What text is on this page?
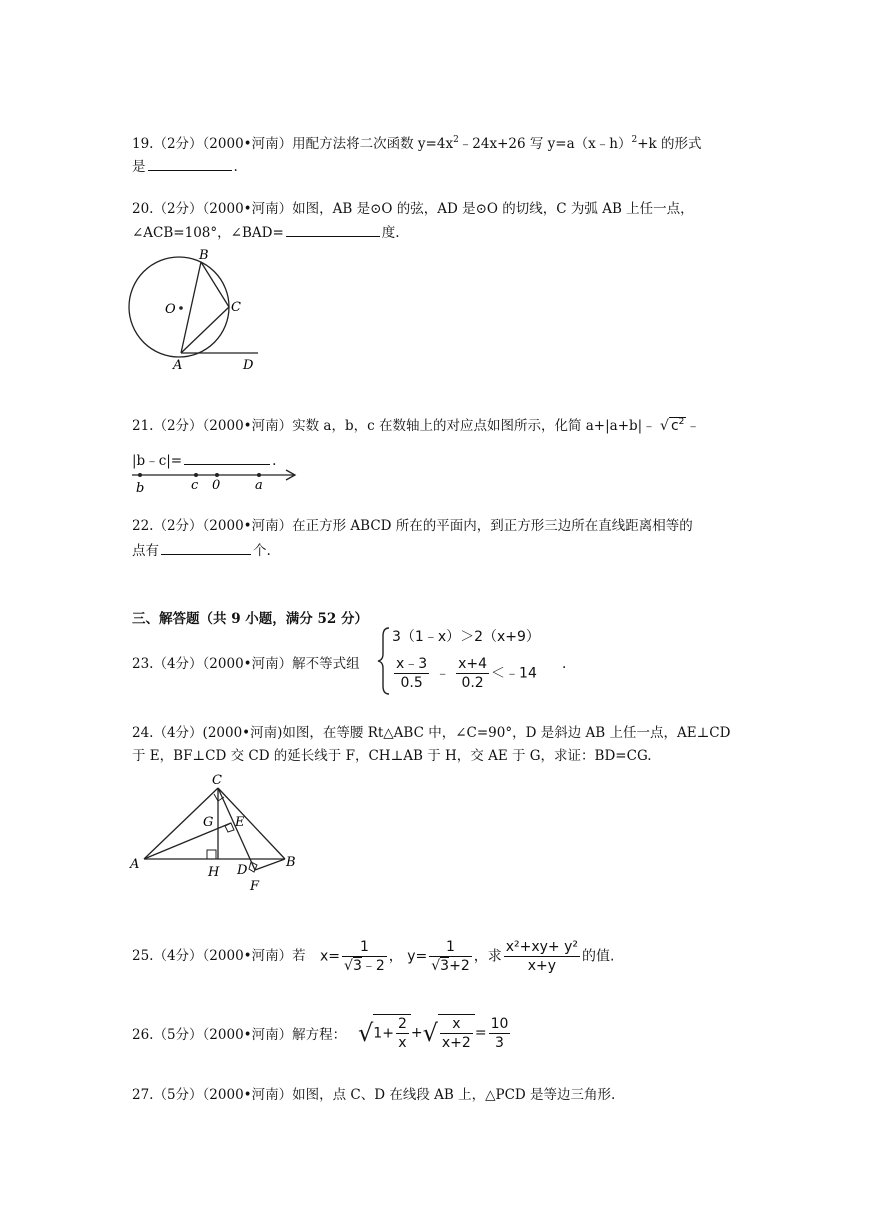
19.（2分）（2000•河南）用配方法将二次函数 $y=4x^2﹣24x+26$ 写 y=a（x﹣h）$^2$+k 的形式
是	.
20.（2分）（2000•河南）如图，AB 是⊙O 的弦，AD 是⊙O 的切线，C 为弧 AB 上任一点，
∠ACB=108°，∠BAD=	度.
B
O	C
A	D
21.（2分）（2000•河南）实数 a，b，c 在数轴上的对应点如图所示，化简 a+|a+b|﹣ √ $c^2$ ﹣
|b﹣c|=	.
b	c 0	a
22.（2分）（2000•河南）在正方形 ABCD 所在的平面内，到正方形三边所在直线距离相等的
点有	个.
三、解答题（共 9 小题，满分 52 分）
23.（4分）（2000•河南）解不等式组
3（1﹣x）＞2（x+9）
$\frac{x﹣3}{0.5}$ ﹣ $\frac{x+4}{0.2}$ ＜﹣14
.
24.（4分）(2000•河南)如图，在等腰 Rt△ABC 中，∠C=90°，D 是斜边 AB 上任一点，AE⊥CD
于 E，BF⊥CD 交 CD 的延长线于 F，CH⊥AB 于 H，交 AE 于 G，求证：BD=CG.
C
G E
A
H D
F
B
25.（4分）（2000•河南）若 $x= \frac{1}{√3﹣2}$ ， $y= \frac{1}{√3+2}$ ，求 $\frac{\text{x²+xy+ y²}}{x+y}$ 的值.
26.（5分）（2000•河南）解方程： $√1+ \frac{2}{x}$ +√ $\frac{x}{x+2} = \frac{10}{3}$
27.（5分）（2000•河南）如图，点 C、D 在线段 AB 上，△PCD 是等边三角形.
